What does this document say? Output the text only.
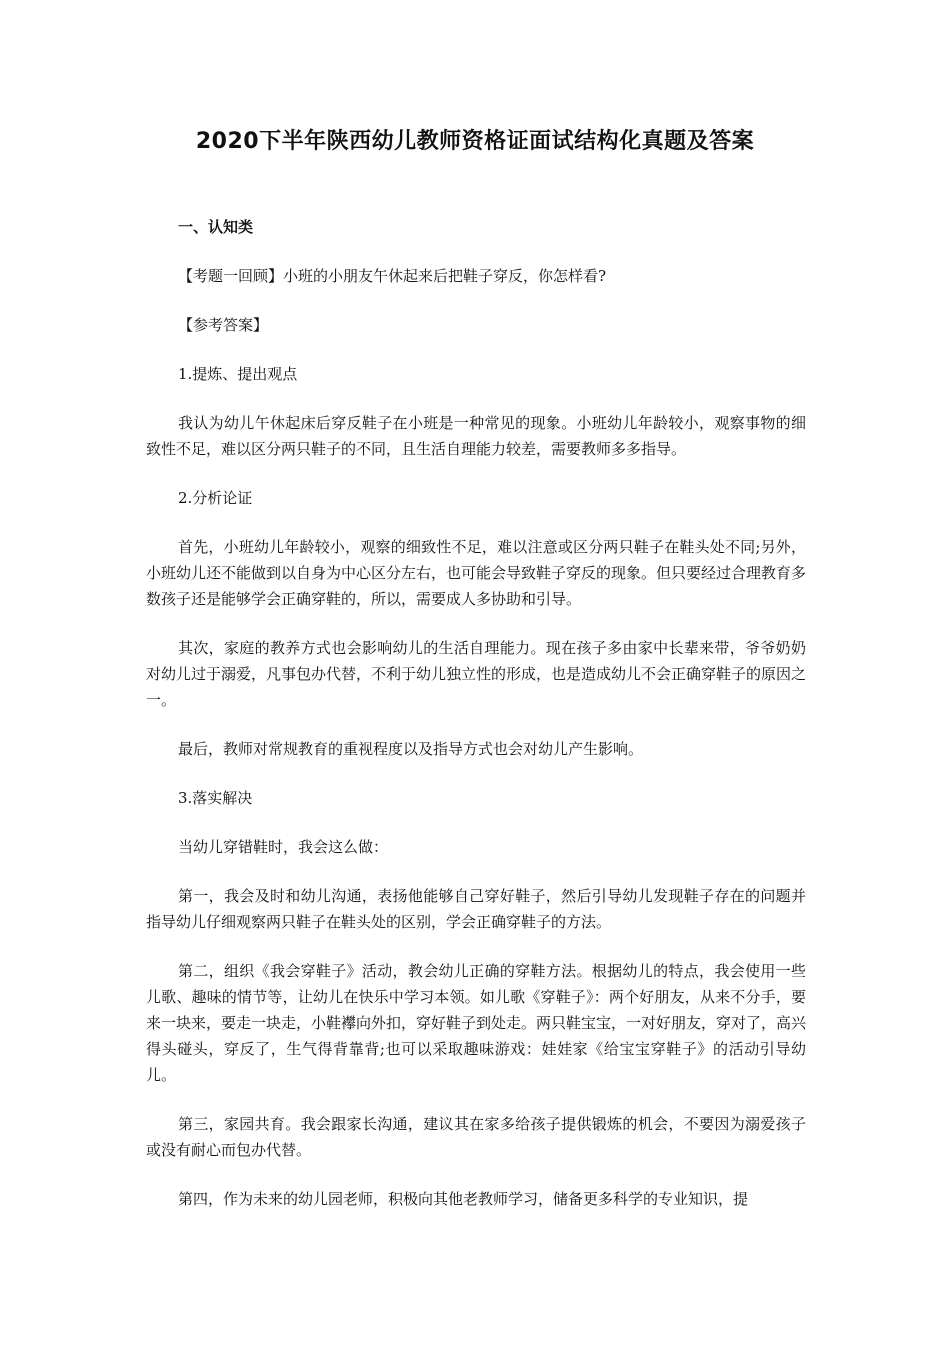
2020下半年陕西幼儿教师资格证面试结构化真题及答案

一、认知类

【考题一回顾】小班的小朋友午休起来后把鞋子穿反，你怎样看?

【参考答案】

1.提炼、提出观点

我认为幼儿午休起床后穿反鞋子在小班是一种常见的现象。小班幼儿年龄较小，观察事物的细致性不足，难以区分两只鞋子的不同，且生活自理能力较差，需要教师多多指导。

2.分析论证

首先，小班幼儿年龄较小，观察的细致性不足，难以注意或区分两只鞋子在鞋头处不同;另外，小班幼儿还不能做到以自身为中心区分左右，也可能会导致鞋子穿反的现象。但只要经过合理教育多数孩子还是能够学会正确穿鞋的，所以，需要成人多协助和引导。

其次，家庭的教养方式也会影响幼儿的生活自理能力。现在孩子多由家中长辈来带，爷爷奶奶对幼儿过于溺爱，凡事包办代替，不利于幼儿独立性的形成，也是造成幼儿不会正确穿鞋子的原因之一。

最后，教师对常规教育的重视程度以及指导方式也会对幼儿产生影响。

3.落实解决

当幼儿穿错鞋时，我会这么做：

第一，我会及时和幼儿沟通，表扬他能够自己穿好鞋子，然后引导幼儿发现鞋子存在的问题并指导幼儿仔细观察两只鞋子在鞋头处的区别，学会正确穿鞋子的方法。

第二，组织《我会穿鞋子》活动，教会幼儿正确的穿鞋方法。根据幼儿的特点，我会使用一些儿歌、趣味的情节等，让幼儿在快乐中学习本领。如儿歌《穿鞋子》：两个好朋友，从来不分手，要来一块来，要走一块走，小鞋襻向外扣，穿好鞋子到处走。两只鞋宝宝，一对好朋友，穿对了，高兴得头碰头，穿反了，生气得背靠背;也可以采取趣味游戏：娃娃家《给宝宝穿鞋子》的活动引导幼儿。

第三，家园共育。我会跟家长沟通，建议其在家多给孩子提供锻炼的机会，不要因为溺爱孩子或没有耐心而包办代替。

第四，作为未来的幼儿园老师，积极向其他老教师学习，储备更多科学的专业知识，提
